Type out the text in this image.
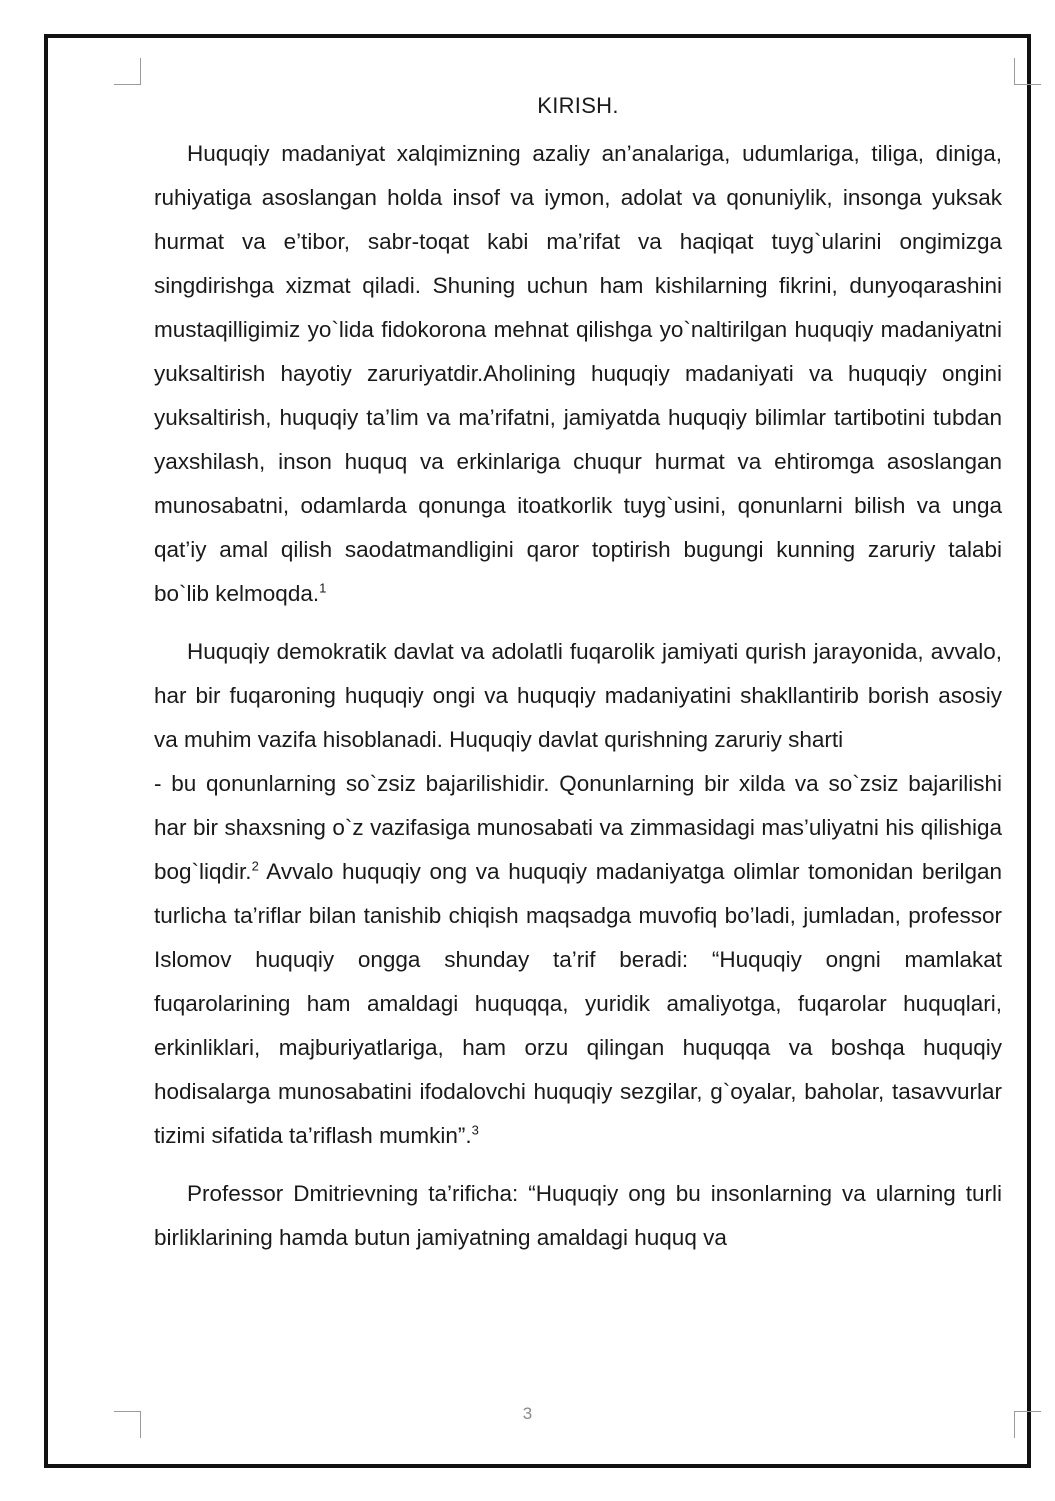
KIRISH.

Huquqiy madaniyat xalqimizning azaliy an’analariga, udumlariga, tiliga, diniga, ruhiyatiga asoslangan holda insof va iymon, adolat va qonuniylik, insonga yuksak hurmat va e’tibor, sabr-toqat kabi ma’rifat va haqiqat tuyg`ularini ongimizga singdirishga xizmat qiladi. Shuning uchun ham kishilarning fikrini, dunyoqarashini mustaqilligimiz yo`lida fidokorona mehnat qilishga yo`naltirilgan huquqiy madaniyatni yuksaltirish hayotiy zaruriyatdir.Aholining huquqiy madaniyati va huquqiy ongini yuksaltirish, huquqiy ta’lim va ma’rifatni, jamiyatda huquqiy bilimlar tartibotini tubdan yaxshilash, inson huquq va erkinlariga chuqur hurmat va ehtiromga asoslangan munosabatni, odamlarda qonunga itoatkorlik tuyg`usini, qonunlarni bilish va unga qat’iy amal qilish saodatmandligini qaror toptirish bugungi kunning zaruriy talabi bo`lib kelmoqda.$^1$

Huquqiy demokratik davlat va adolatli fuqarolik jamiyati qurish jarayonida, avvalo, har bir fuqaroning huquqiy ongi va huquqiy madaniyatini shakllantirib borish asosiy va muhim vazifa hisoblanadi. Huquqiy davlat qurishning zaruriy sharti

- bu qonunlarning so`zsiz bajarilishidir. Qonunlarning bir xilda va so`zsiz bajarilishi har bir shaxsning o`z vazifasiga munosabati va zimmasidagi mas’uliyatni his qilishiga bog`liqdir.$^2$ Avvalo huquqiy ong va huquqiy madaniyatga olimlar tomonidan berilgan turlicha ta’riflar bilan tanishib chiqish maqsadga muvofiq bo’ladi, jumladan, professor Islomov huquqiy ongga shunday ta’rif beradi: “Huquqiy ongni mamlakat fuqarolarining ham amaldagi huquqqa, yuridik amaliyotga, fuqarolar huquqlari, erkinliklari, majburiyatlariga, ham orzu qilingan huquqqa va boshqa huquqiy hodisalarga munosabatini ifodalovchi huquqiy sezgilar, g`oyalar, baholar, tasavvurlar tizimi sifatida ta’riflash mumkin”.$^3$

Professor Dmitrievning ta’rificha: “Huquqiy ong bu insonlarning va ularning turli birliklarining hamda butun jamiyatning amaldagi huquq va

3
